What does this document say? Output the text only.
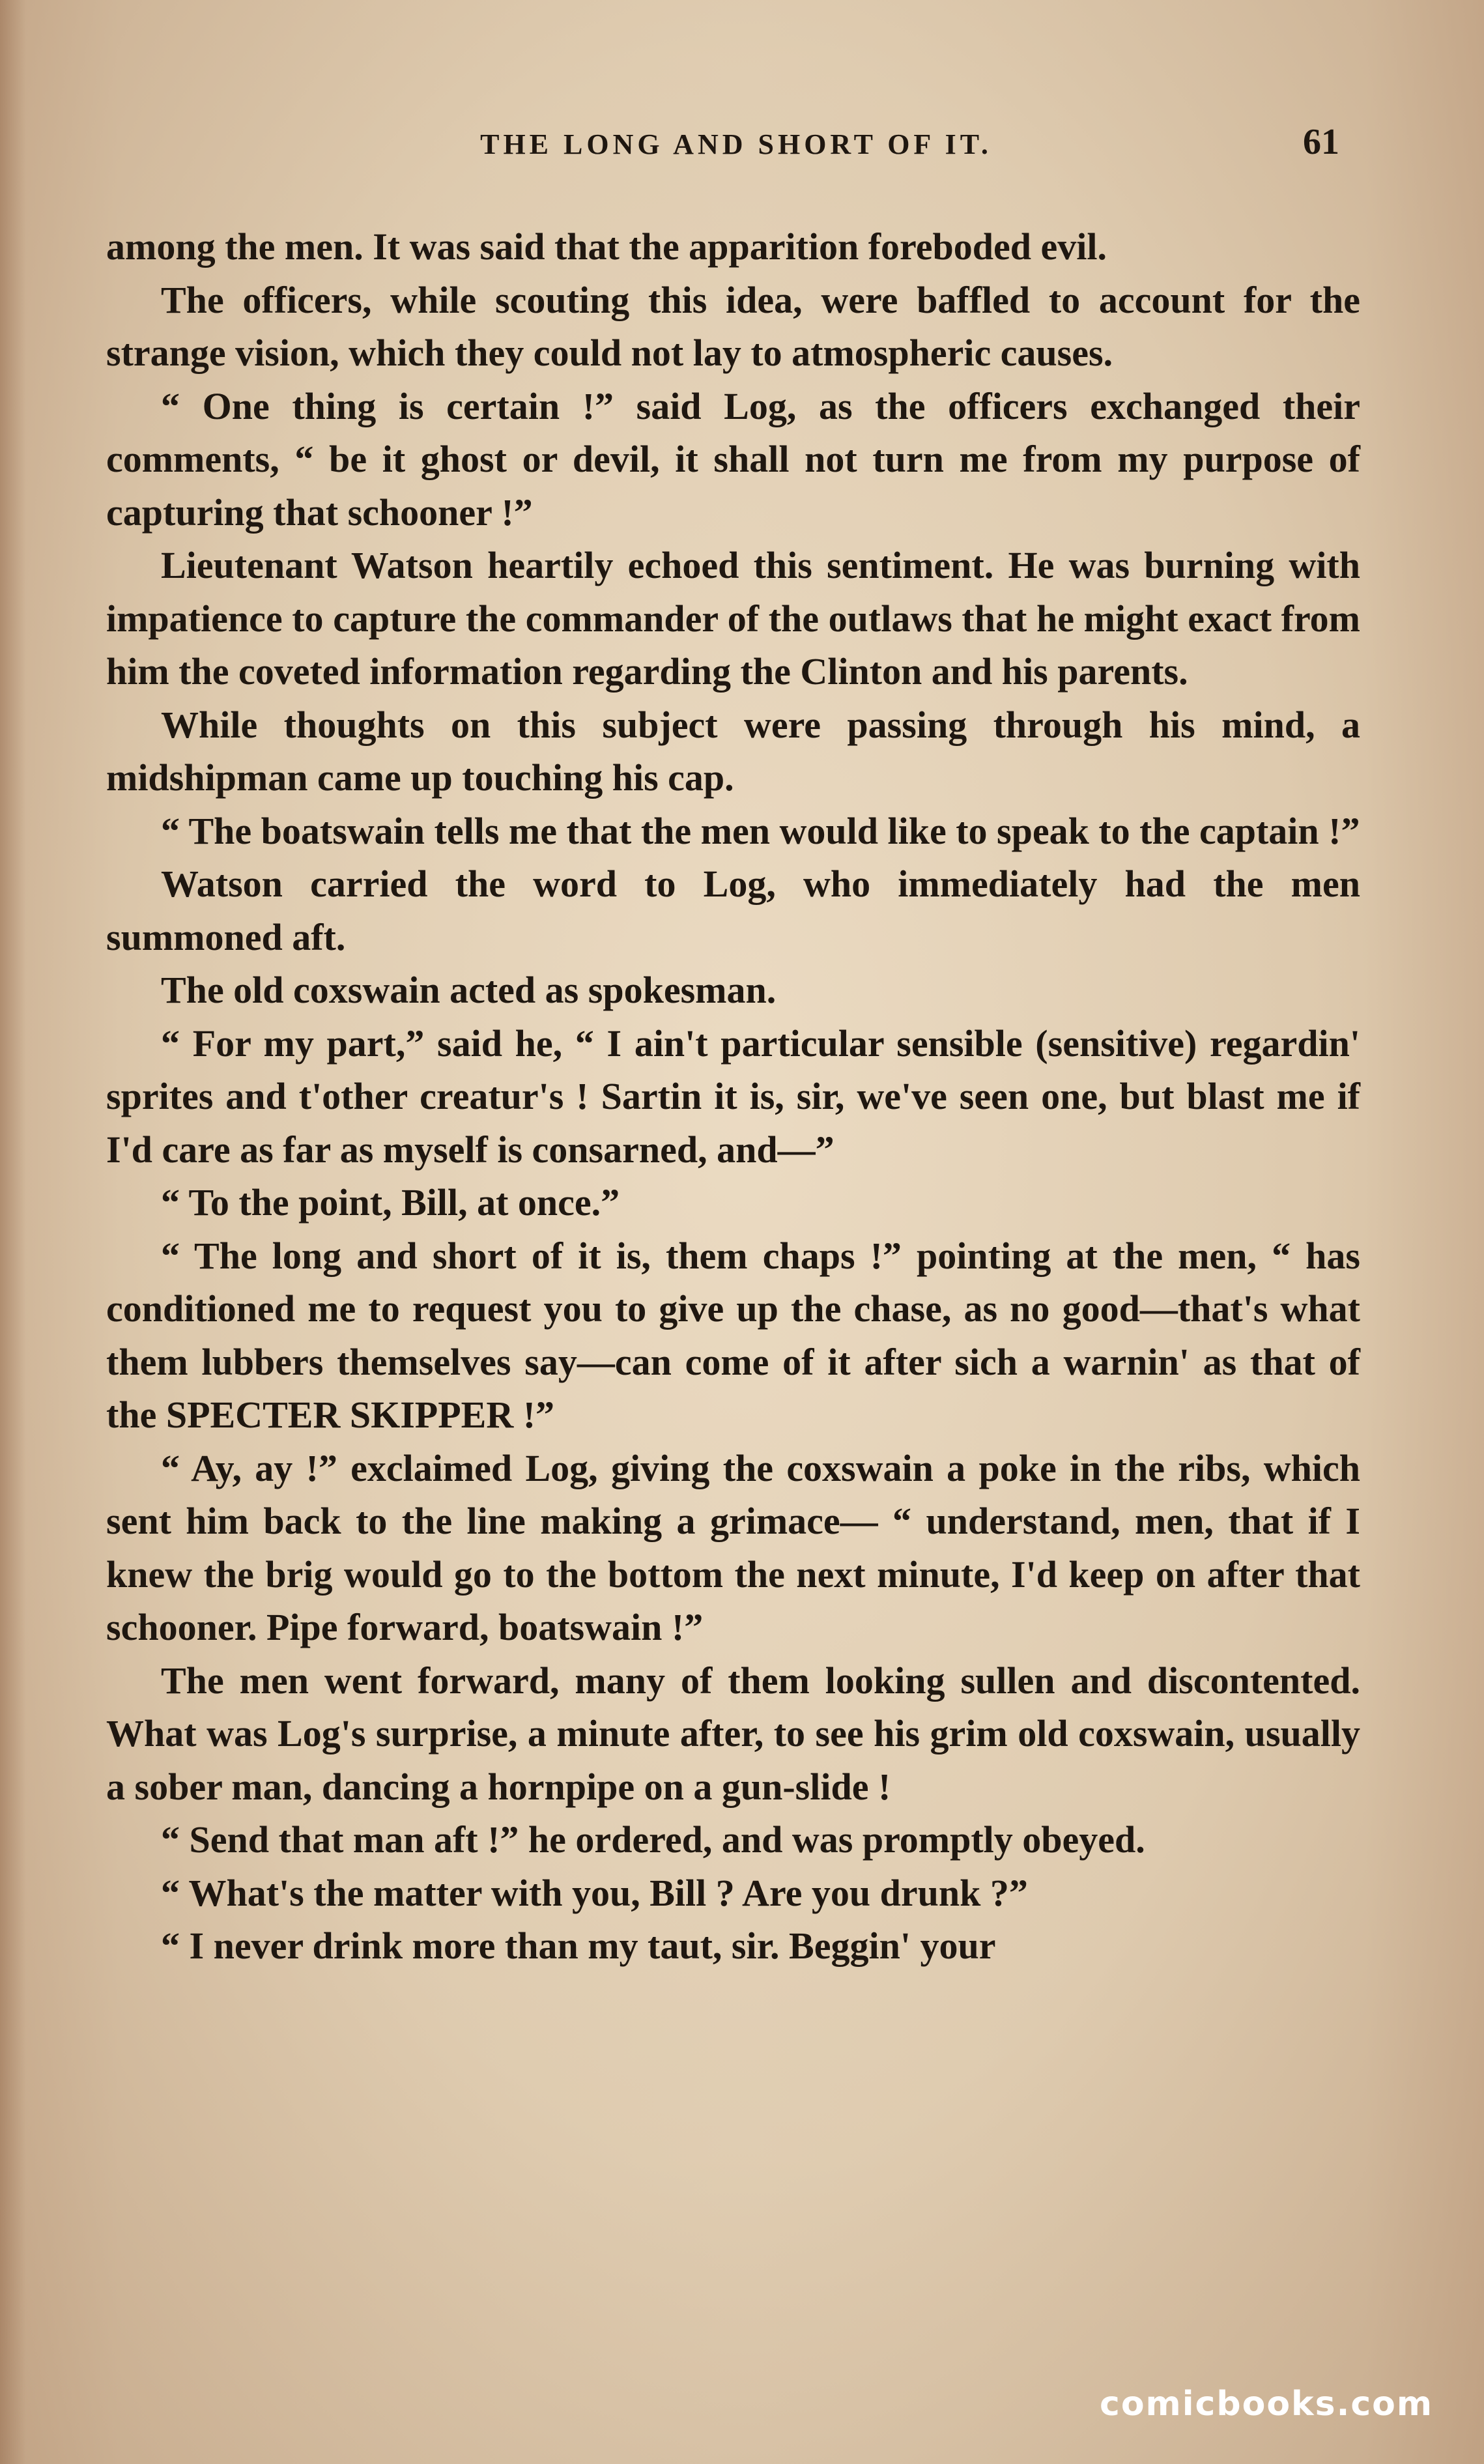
THE LONG AND SHORT OF IT.	61

among the men. It was said that the apparition foreboded evil.

The officers, while scouting this idea, were baffled to account for the strange vision, which they could not lay to atmospheric causes.

“ One thing is certain !” said Log, as the officers exchanged their comments, “ be it ghost or devil, it shall not turn me from my purpose of capturing that schooner !”

Lieutenant Watson heartily echoed this sentiment. He was burning with impatience to capture the commander of the outlaws that he might exact from him the coveted information regarding the Clinton and his parents.

While thoughts on this subject were passing through his mind, a midshipman came up touching his cap.

“ The boatswain tells me that the men would like to speak to the captain !”

Watson carried the word to Log, who immediately had the men summoned aft.

The old coxswain acted as spokesman.

“ For my part,” said he, “ I ain't particular sensible (sensitive) regardin' sprites and t'other creatur's ! Sartin it is, sir, we've seen one, but blast me if I'd care as far as myself is consarned, and—”

“ To the point, Bill, at once.”

“ The long and short of it is, them chaps !” pointing at the men, “ has conditioned me to request you to give up the chase, as no good—that's what them lubbers themselves say—can come of it after sich a warnin' as that of the SPECTER SKIPPER !”

“ Ay, ay !” exclaimed Log, giving the coxswain a poke in the ribs, which sent him back to the line making a grimace— “ understand, men, that if I knew the brig would go to the bottom the next minute, I'd keep on after that schooner. Pipe forward, boatswain !”

The men went forward, many of them looking sullen and discontented. What was Log's surprise, a minute after, to see his grim old coxswain, usually a sober man, dancing a hornpipe on a gun-slide !

“ Send that man aft !” he ordered, and was promptly obeyed.

“ What's the matter with you, Bill ? Are you drunk ?”

“ I never drink more than my taut, sir. Beggin' your

comicbooks.com
